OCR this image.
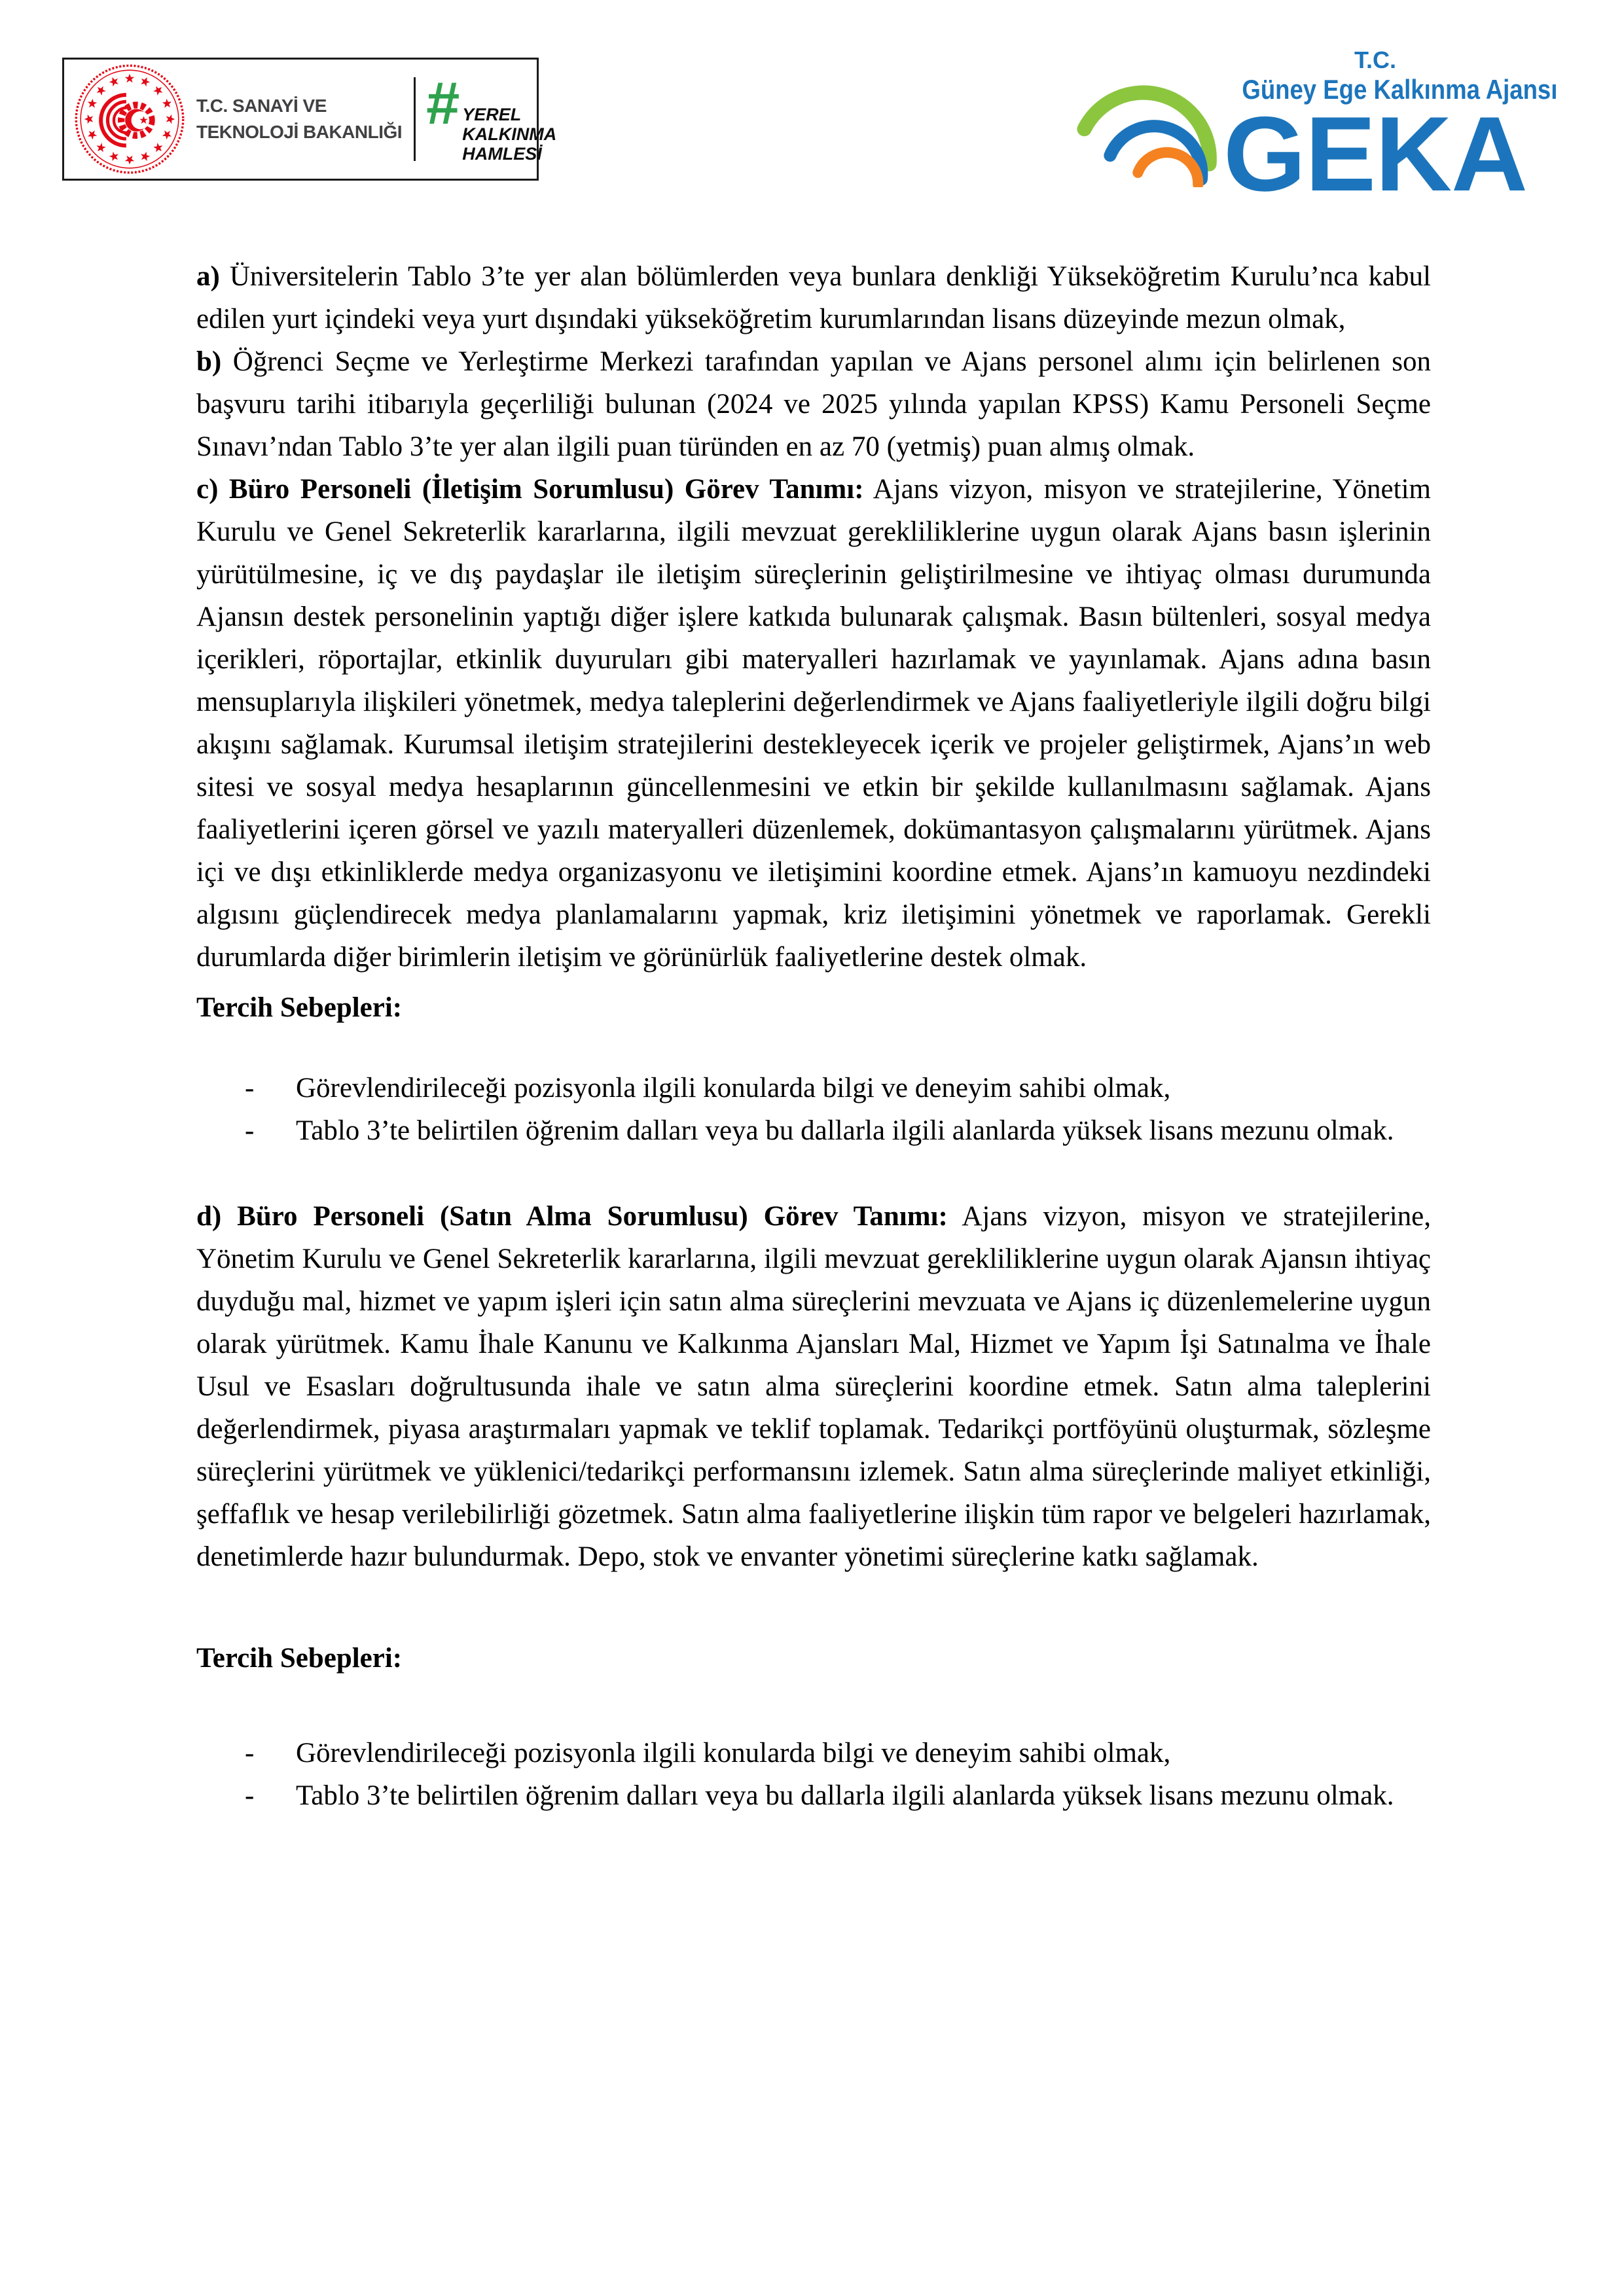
T.C. SANAYİ VE
TEKNOLOJİ BAKANLIĞI # YEREL
KALKINMA
HAMLESİ
T.C.
Güney Ege Kalkınma Ajansı
GEKA

a) Üniversitelerin Tablo 3’te yer alan bölümlerden veya bunlara denkliği Yükseköğretim Kurulu’nca kabul edilen yurt içindeki veya yurt dışındaki yükseköğretim kurumlarından lisans düzeyinde mezun olmak,

b) Öğrenci Seçme ve Yerleştirme Merkezi tarafından yapılan ve Ajans personel alımı için belirlenen son başvuru tarihi itibarıyla geçerliliği bulunan (2024 ve 2025 yılında yapılan KPSS) Kamu Personeli Seçme Sınavı’ndan Tablo 3’te yer alan ilgili puan türünden en az 70 (yetmiş) puan almış olmak.

c) Büro Personeli (İletişim Sorumlusu) Görev Tanımı: Ajans vizyon, misyon ve stratejilerine, Yönetim Kurulu ve Genel Sekreterlik kararlarına, ilgili mevzuat gerekliliklerine uygun olarak Ajans basın işlerinin yürütülmesine, iç ve dış paydaşlar ile iletişim süreçlerinin geliştirilmesine ve ihtiyaç olması durumunda Ajansın destek personelinin yaptığı diğer işlere katkıda bulunarak çalışmak. Basın bültenleri, sosyal medya içerikleri, röportajlar, etkinlik duyuruları gibi materyalleri hazırlamak ve yayınlamak. Ajans adına basın mensuplarıyla ilişkileri yönetmek, medya taleplerini değerlendirmek ve Ajans faaliyetleriyle ilgili doğru bilgi akışını sağlamak. Kurumsal iletişim stratejilerini destekleyecek içerik ve projeler geliştirmek, Ajans’ın web sitesi ve sosyal medya hesaplarının güncellenmesini ve etkin bir şekilde kullanılmasını sağlamak. Ajans faaliyetlerini içeren görsel ve yazılı materyalleri düzenlemek, dokümantasyon çalışmalarını yürütmek. Ajans içi ve dışı etkinliklerde medya organizasyonu ve iletişimini koordine etmek. Ajans’ın kamuoyu nezdindeki algısını güçlendirecek medya planlamalarını yapmak, kriz iletişimini yönetmek ve raporlamak. Gerekli durumlarda diğer birimlerin iletişim ve görünürlük faaliyetlerine destek olmak.

Tercih Sebepleri:

- Görevlendirileceği pozisyonla ilgili konularda bilgi ve deneyim sahibi olmak,
- Tablo 3’te belirtilen öğrenim dalları veya bu dallarla ilgili alanlarda yüksek lisans mezunu olmak.

d) Büro Personeli (Satın Alma Sorumlusu) Görev Tanımı: Ajans vizyon, misyon ve stratejilerine, Yönetim Kurulu ve Genel Sekreterlik kararlarına, ilgili mevzuat gerekliliklerine uygun olarak Ajansın ihtiyaç duyduğu mal, hizmet ve yapım işleri için satın alma süreçlerini mevzuata ve Ajans iç düzenlemelerine uygun olarak yürütmek. Kamu İhale Kanunu ve Kalkınma Ajansları Mal, Hizmet ve Yapım İşi Satınalma ve İhale Usul ve Esasları doğrultusunda ihale ve satın alma süreçlerini koordine etmek. Satın alma taleplerini değerlendirmek, piyasa araştırmaları yapmak ve teklif toplamak. Tedarikçi portföyünü oluşturmak, sözleşme süreçlerini yürütmek ve yüklenici/tedarikçi performansını izlemek. Satın alma süreçlerinde maliyet etkinliği, şeffaflık ve hesap verilebilirliği gözetmek. Satın alma faaliyetlerine ilişkin tüm rapor ve belgeleri hazırlamak, denetimlerde hazır bulundurmak. Depo, stok ve envanter yönetimi süreçlerine katkı sağlamak.

Tercih Sebepleri:

- Görevlendirileceği pozisyonla ilgili konularda bilgi ve deneyim sahibi olmak,
- Tablo 3’te belirtilen öğrenim dalları veya bu dallarla ilgili alanlarda yüksek lisans mezunu olmak.
